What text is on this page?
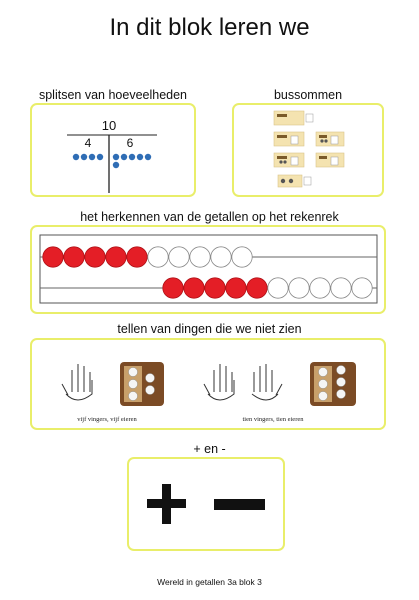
In dit blok leren we
splitsen van hoeveelheden
10
4	6
bussommen
het herkennen van de getallen op het rekenrek
tellen van dingen die we niet zien
vijf vingers, vijf eieren	tien vingers, tien eieren
+ en -
Wereld in getallen 3a blok 3
